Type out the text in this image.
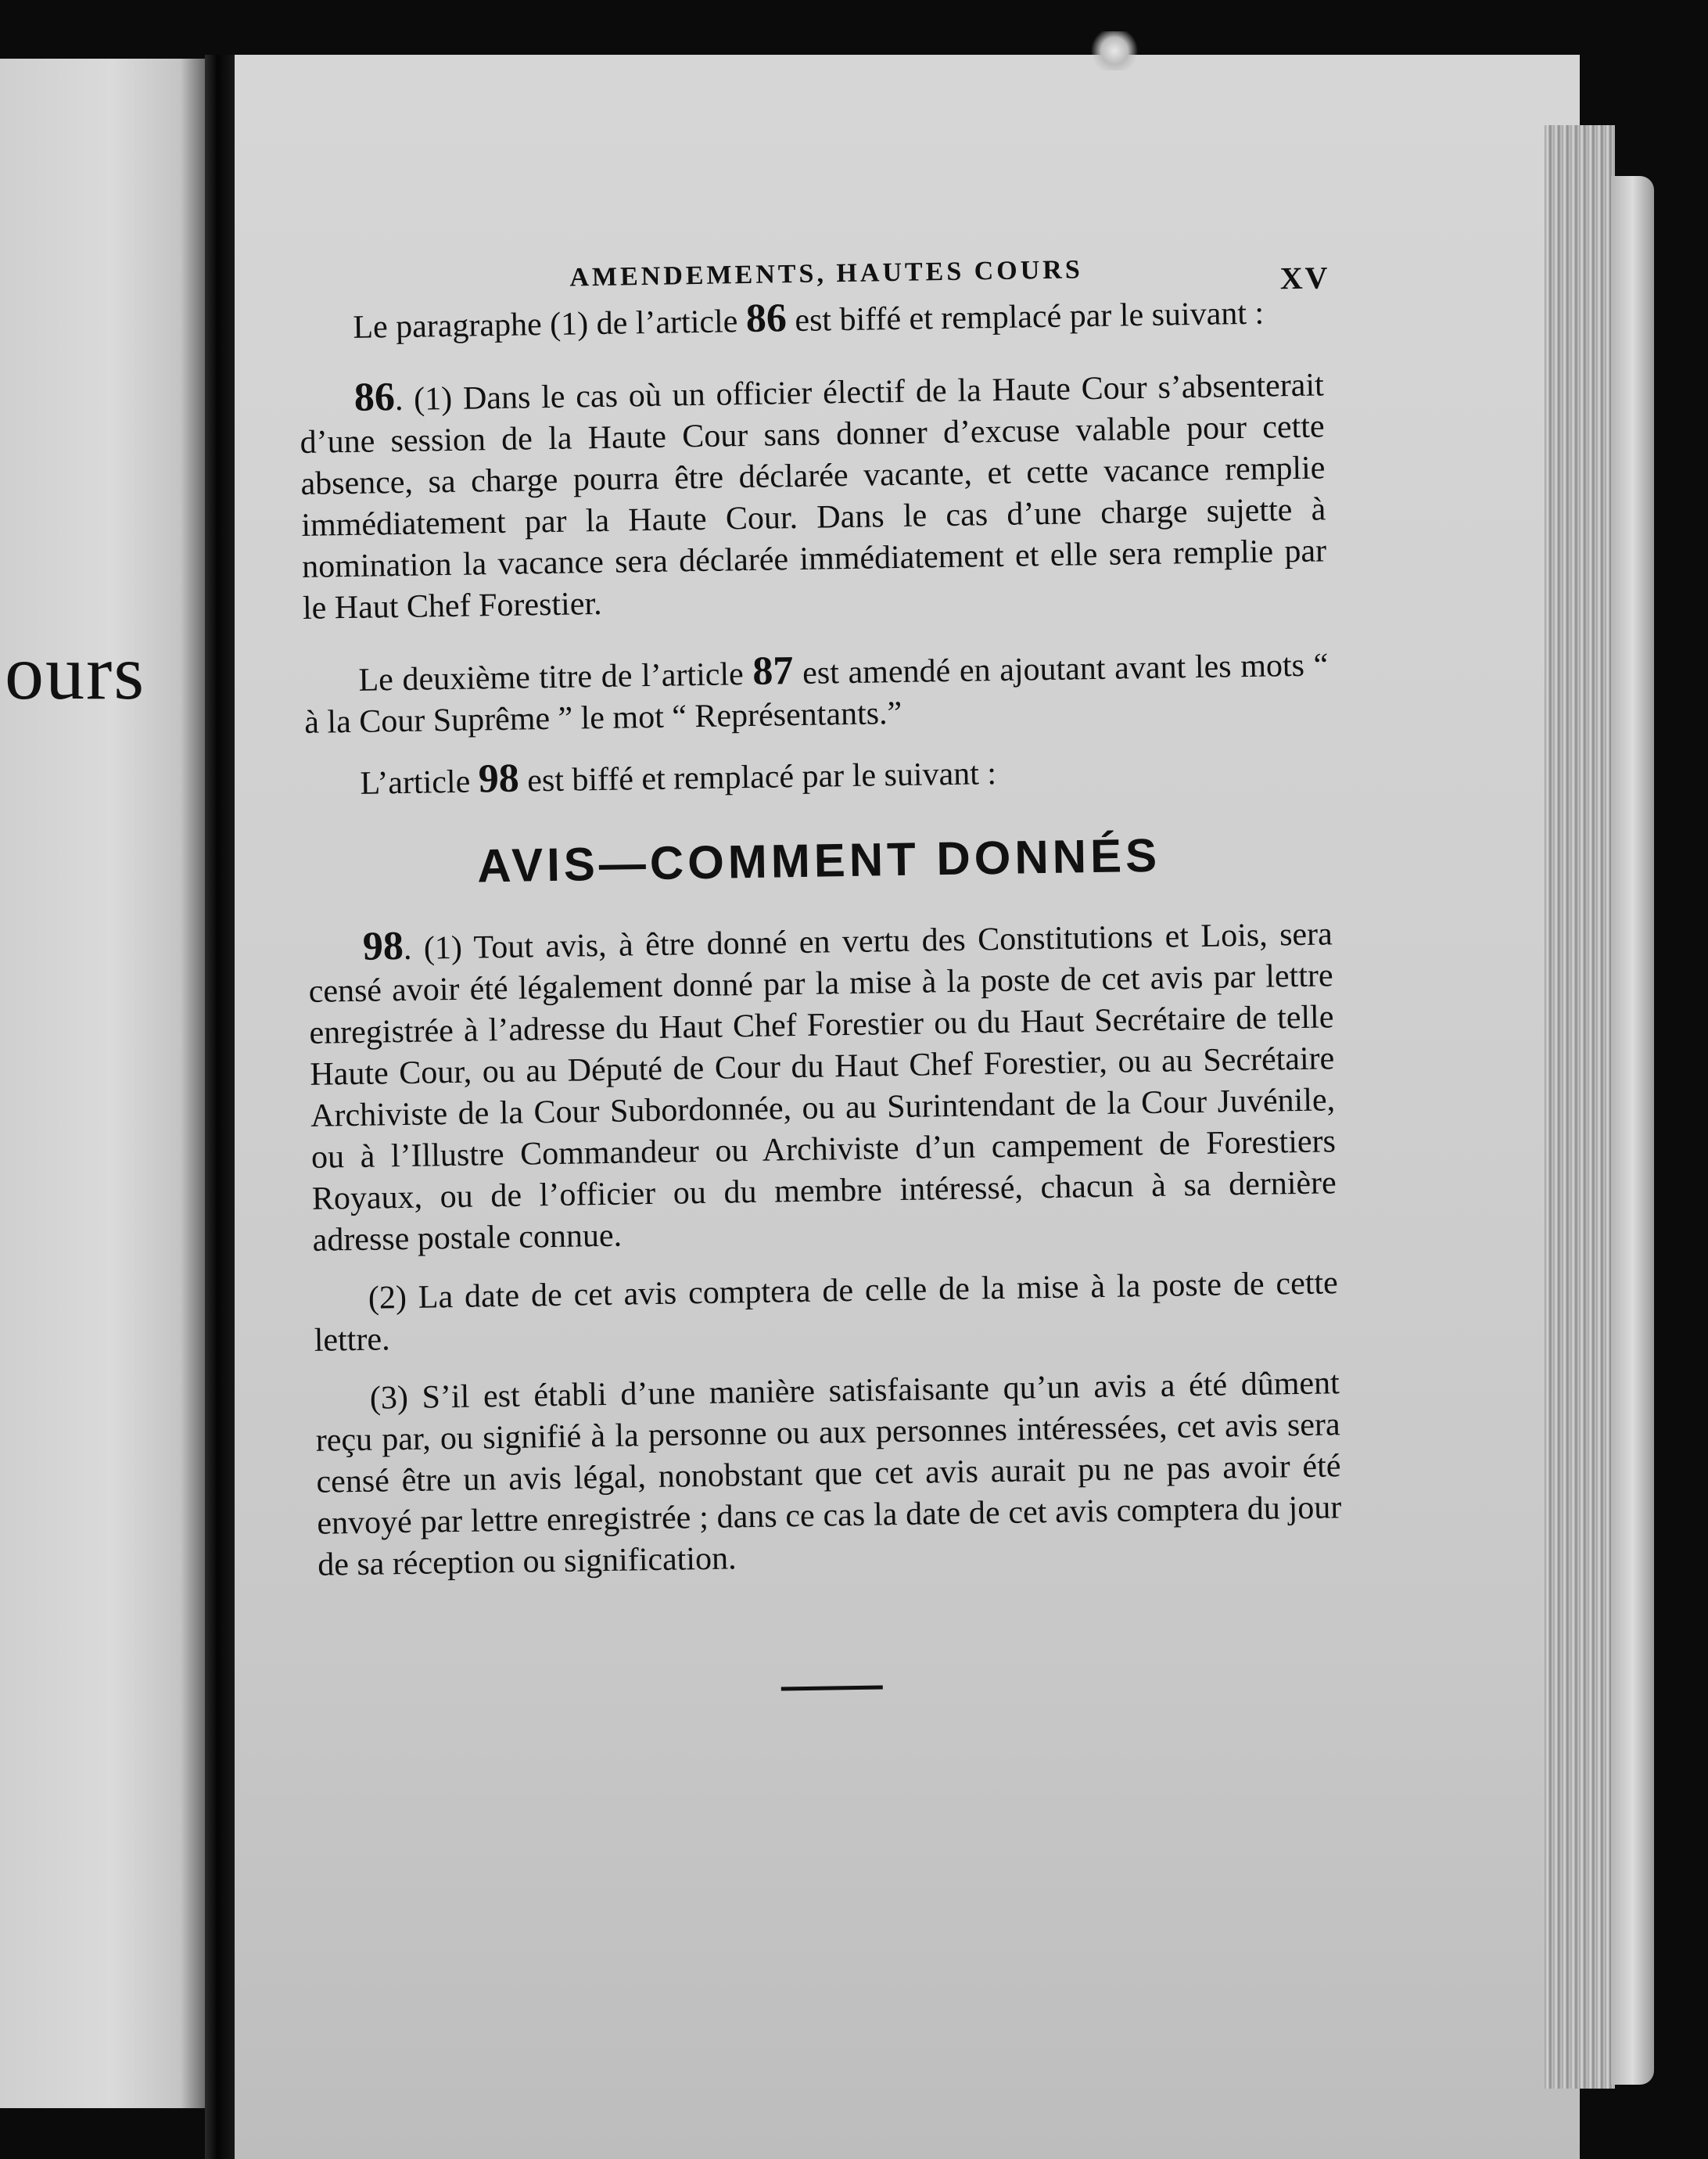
ours
AMENDEMENTS, HAUTES COURS	XV

Le paragraphe (1) de l’article 86 est biffé et remplacé par le suivant :

86. (1) Dans le cas où un officier électif de la Haute Cour s’absenterait d’une session de la Haute Cour sans donner d’excuse valable pour cette absence, sa charge pourra être déclarée vacante, et cette vacance remplie immédiatement par la Haute Cour. Dans le cas d’une charge sujette à nomination la vacance sera déclarée immédiatement et elle sera remplie par le Haut Chef Forestier.

Le deuxième titre de l’article 87 est amendé en ajoutant avant les mots “ à la Cour Suprême ” le mot “ Représentants.”

L’article 98 est biffé et remplacé par le suivant :

AVIS—COMMENT DONNÉS

98. (1) Tout avis, à être donné en vertu des Constitutions et Lois, sera censé avoir été légalement donné par la mise à la poste de cet avis par lettre enregistrée à l’adresse du Haut Chef Forestier ou du Haut Secrétaire de telle Haute Cour, ou au Député de Cour du Haut Chef Forestier, ou au Secrétaire Archiviste de la Cour Subordonnée, ou au Surintendant de la Cour Juvénile, ou à l’Illustre Commandeur ou Archiviste d’un campement de Forestiers Royaux, ou de l’officier ou du membre intéressé, chacun à sa dernière adresse postale connue.

(2) La date de cet avis comptera de celle de la mise à la poste de cette lettre.

(3) S’il est établi d’une manière satisfaisante qu’un avis a été dûment reçu par, ou signifié à la personne ou aux personnes intéressées, cet avis sera censé être un avis légal, nonobstant que cet avis aurait pu ne pas avoir été envoyé par lettre enregistrée ; dans ce cas la date de cet avis comptera du jour de sa réception ou signification.
